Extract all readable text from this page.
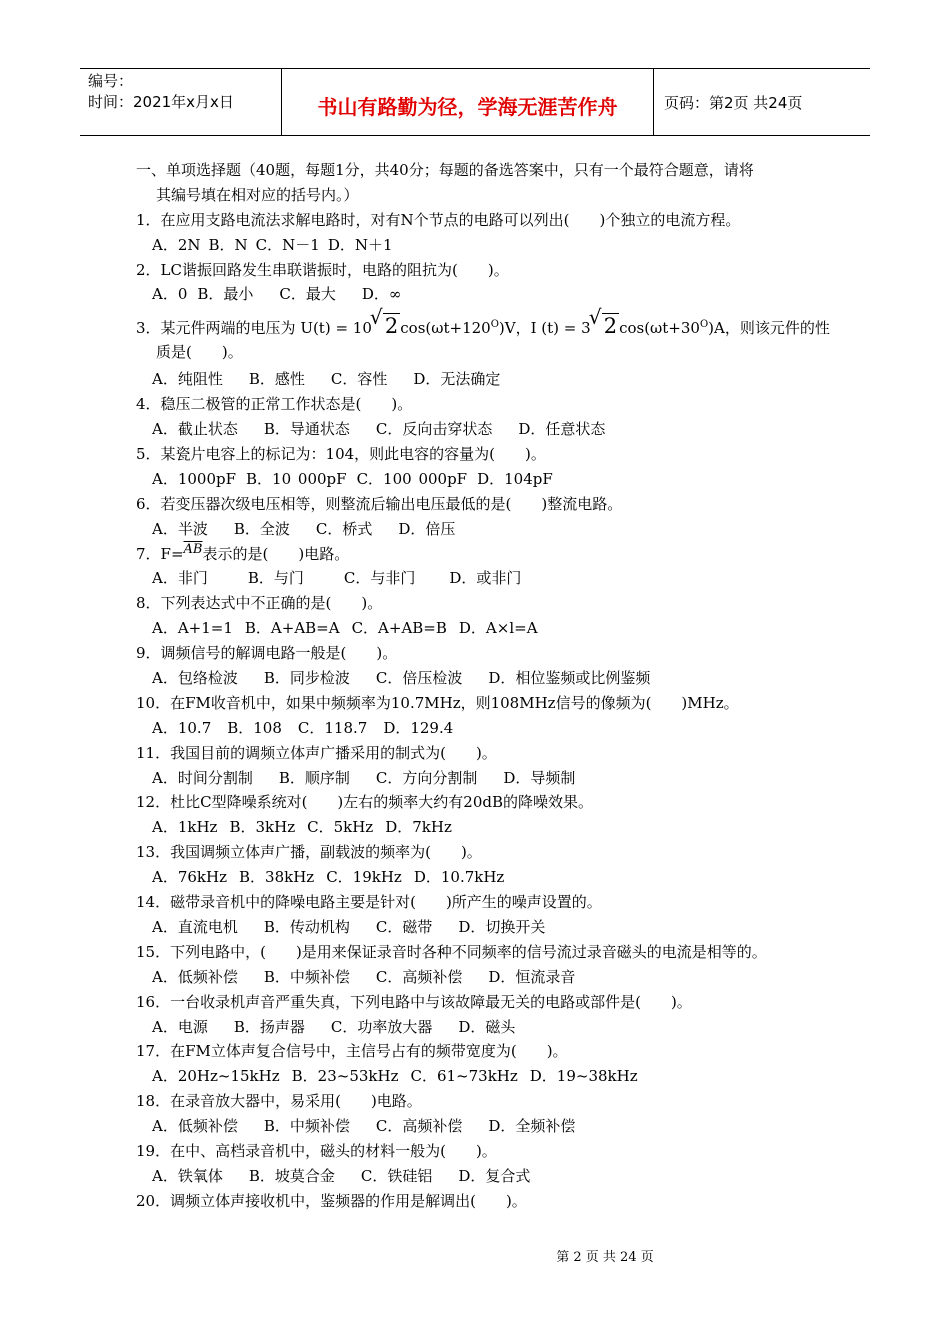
编号：
时间：2021年x月x日	书山有路勤为径，学海无涯苦作舟	页码：第2页 共24页
一、单项选择题（40题，每题1分，共40分；每题的备选答案中，只有一个最符合题意，请将
其编号填在相对应的括号内。）
1．在应用支路电流法求解电路时，对有N个节点的电路可以列出(　　)个独立的电流方程。
A．2N B．N C．N－1 D．N＋1
2．LC谐振回路发生串联谐振时，电路的阻抗为(　　)。
A．0 B．最小 C．最大 D．∞
3．某元件两端的电压为 U(t) = 10 √ 2 $\cos(\omega t+120^O)V$，I (t) = 3 √ 2 $\cos(\omega t+30^O)A$，则该元件的性
质是(　　)。
A．纯阻性 B．感性 C．容性 D．无法确定
4．稳压二极管的正常工作状态是(　　)。
A．截止状态 B．导通状态 C．反向击穿状态 D．任意状态
5．某瓷片电容上的标记为：104，则此电容的容量为(　　)。
A．1000pF B．10 000pF C．100 000pF D．104pF
6．若变压器次级电压相等，则整流后输出电压最低的是(　　)整流电路。
A．半波 B．全波 C．桥式 D．倍压
7．$F=\overline{AB}$表示的是(　　)电路。
A．非门	B．与门	C．与非门 D．或非门
8．下列表达式中不正确的是(　　)。
A．A+1=1 B．A+AB=A C．A+AB=B D．A×l=A
9．调频信号的解调电路一般是(　　)。
A．包络检波 B．同步检波 C．倍压检波 D．相位鉴频或比例鉴频
10．在FM收音机中，如果中频频率为10.7MHz，则108MHz信号的像频为(　　)MHz。
A．10.7 B．108 C．118.7 D．129.4
11．我国目前的调频立体声广播采用的制式为(　　)。
A．时间分割制 B．顺序制 C．方向分割制 D．导频制
12．杜比C型降噪系统对(　　)左右的频率大约有20dB的降噪效果。
A．1kHz B．3kHz C．5kHz D．7kHz
13．我国调频立体声广播，副载波的频率为(　　)。
A．76kHz B．38kHz C．19kHz D．10.7kHz
14．磁带录音机中的降噪电路主要是针对(　　)所产生的噪声设置的。
A．直流电机 B．传动机构 C．磁带 D．切换开关
15．下列电路中，(　　)是用来保证录音时各种不同频率的信号流过录音磁头的电流是相等的。
A．低频补偿 B．中频补偿 C．高频补偿 D．恒流录音
16．一台收录机声音严重失真，下列电路中与该故障最无关的电路或部件是(　　)。
A．电源 B．扬声器 C．功率放大器 D．磁头
17．在FM立体声复合信号中，主信号占有的频带宽度为(　　)。
A．20Hz~15kHz B．23~53kHz C．61~73kHz D．19~38kHz
18．在录音放大器中，易采用(　　)电路。
A．低频补偿 B．中频补偿 C．高频补偿 D．全频补偿
19．在中、高档录音机中，磁头的材料一般为(　　)。
A．铁氧体 B．坡莫合金 C．铁硅铝 D．复合式
20．调频立体声接收机中，鉴频器的作用是解调出(　　)。
第 2 页 共 24 页
